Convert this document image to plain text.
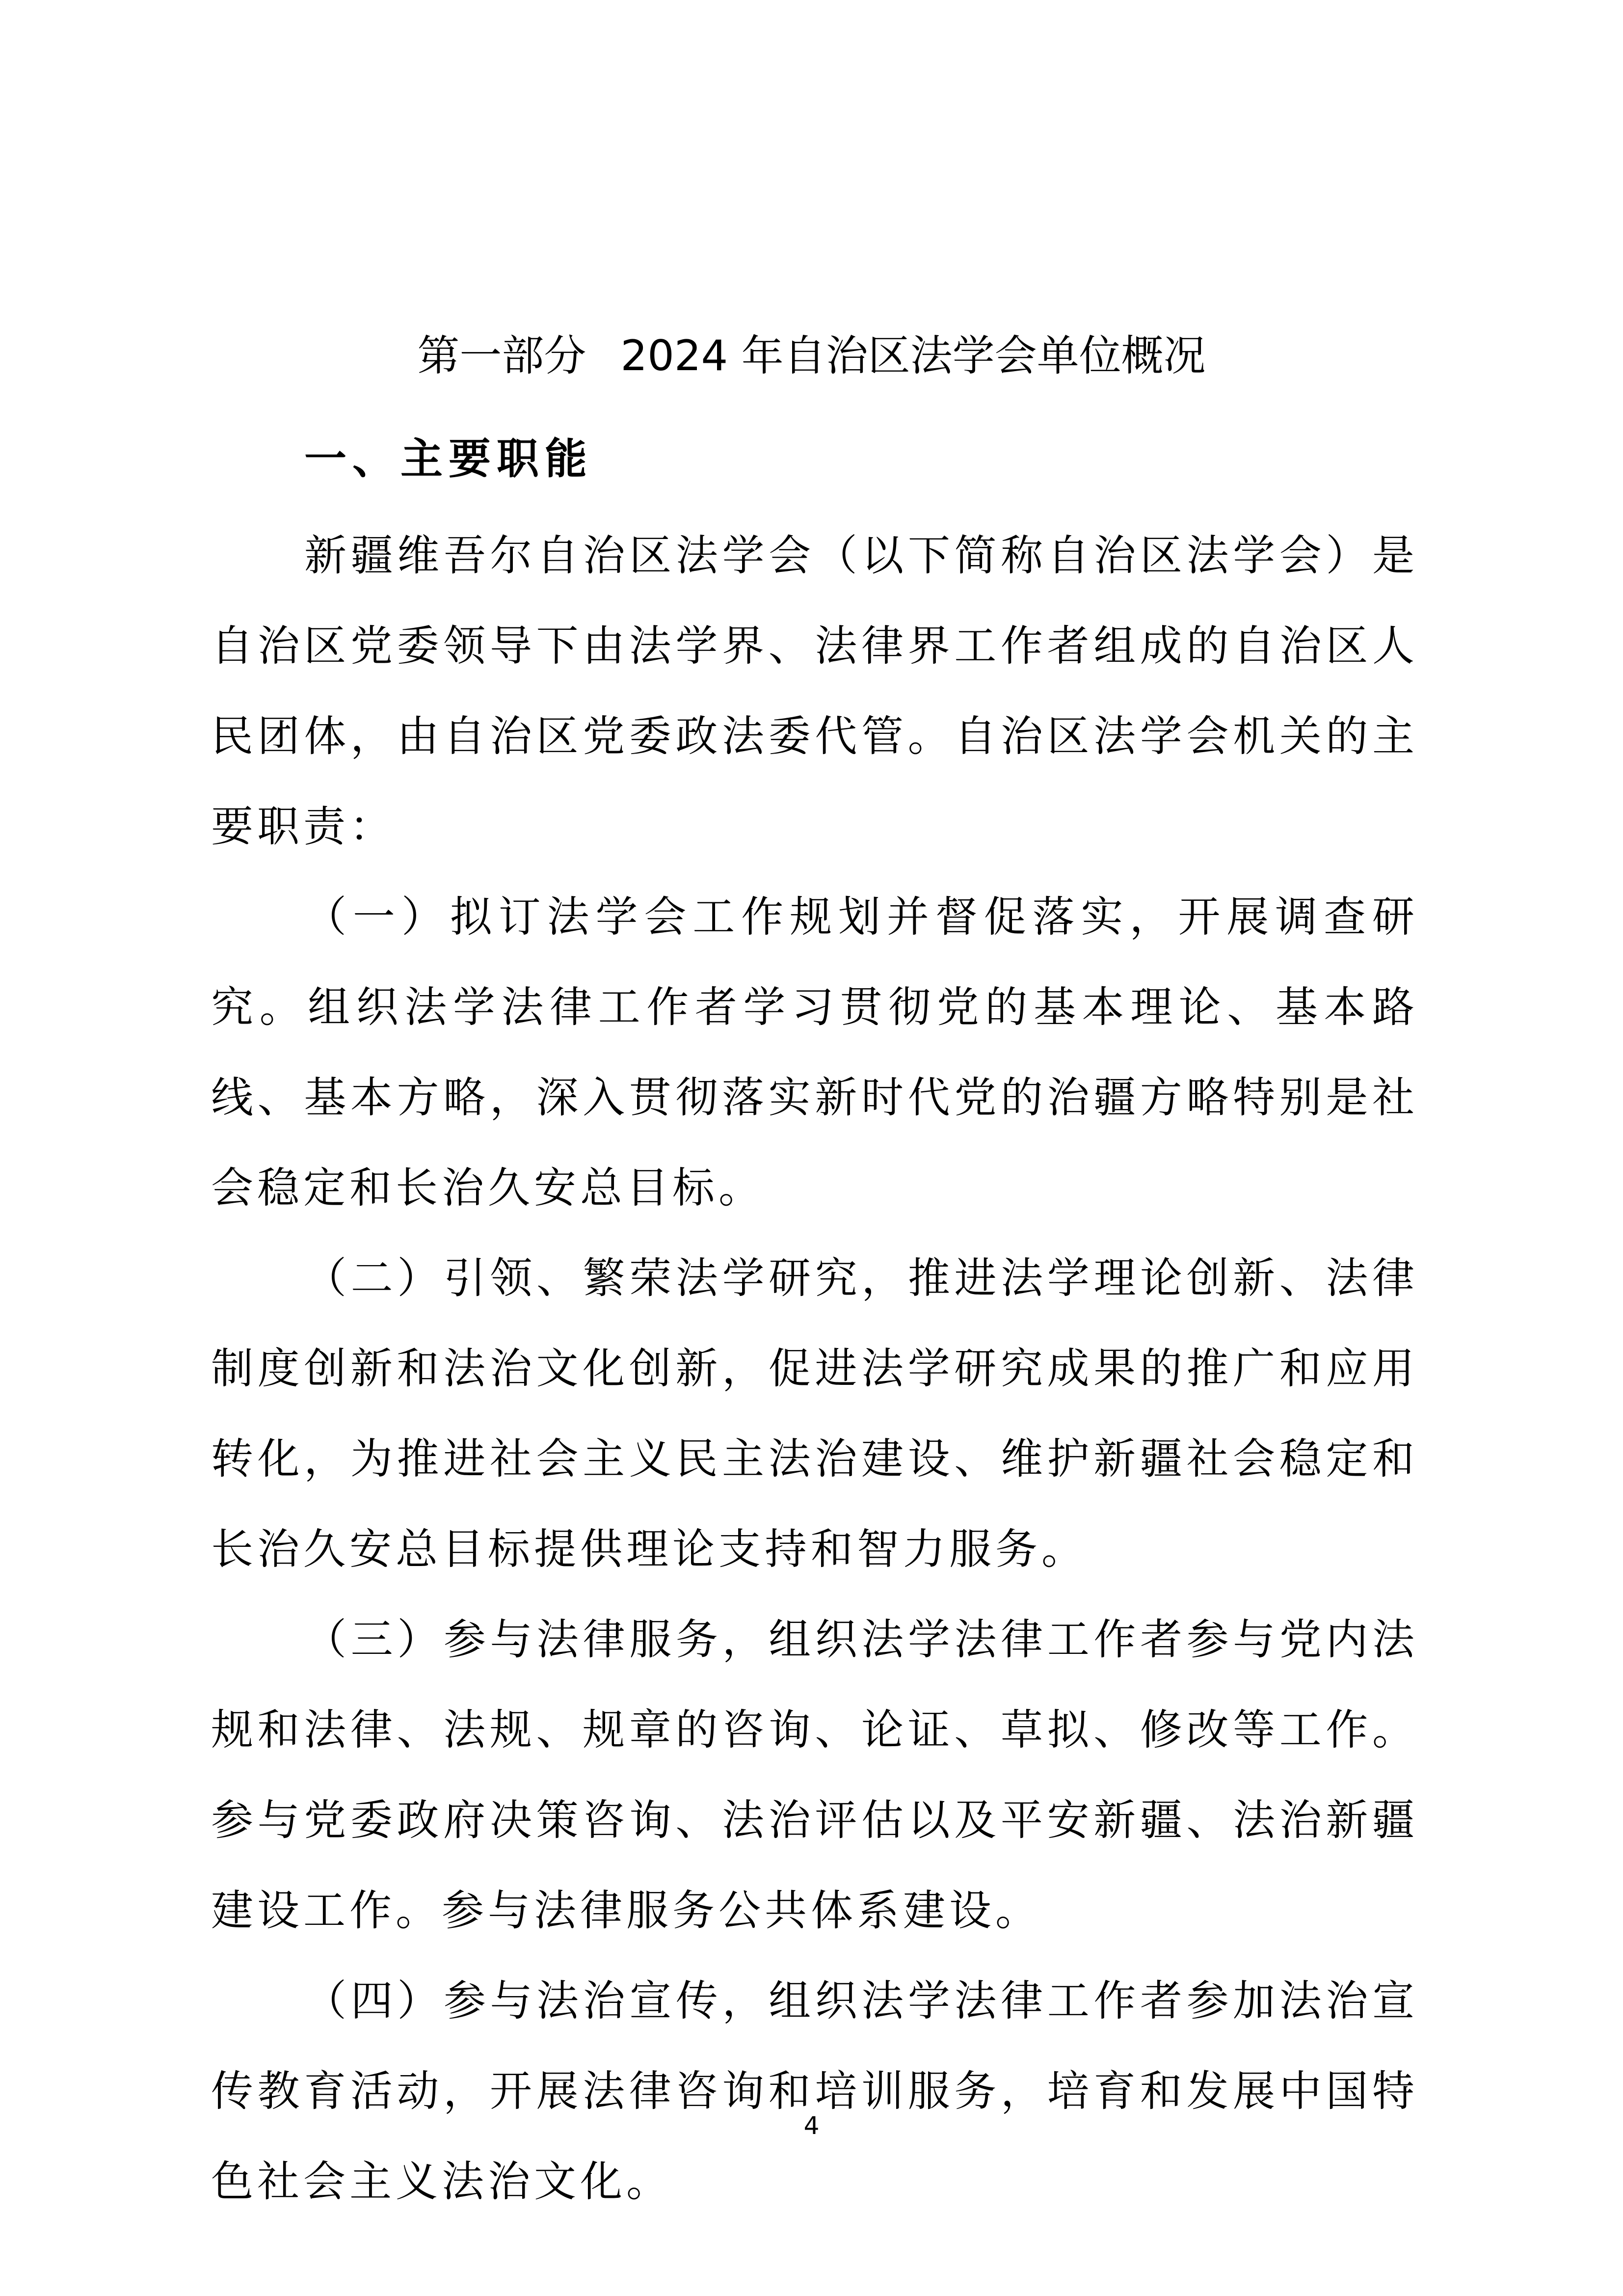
第一部分 2024 年自治区法学会单位概况
一、主要职能

新疆维吾尔自治区法学会（以下简称自治区法学会）是自治区党委领导下由法学界、法律界工作者组成的自治区人民团体，由自治区党委政法委代管。自治区法学会机关的主要职责：

（一）拟订法学会工作规划并督促落实，开展调查研究。组织法学法律工作者学习贯彻党的基本理论、基本路线、基本方略，深入贯彻落实新时代党的治疆方略特别是社会稳定和长治久安总目标。

（二）引领、繁荣法学研究，推进法学理论创新、法律制度创新和法治文化创新，促进法学研究成果的推广和应用转化，为推进社会主义民主法治建设、维护新疆社会稳定和长治久安总目标提供理论支持和智力服务。

（三）参与法律服务，组织法学法律工作者参与党内法规和法律、法规、规章的咨询、论证、草拟、修改等工作。参与党委政府决策咨询、法治评估以及平安新疆、法治新疆建设工作。参与法律服务公共体系建设。

（四）参与法治宣传，组织法学法律工作者参加法治宣传教育活动，开展法律咨询和培训服务，培育和发展中国特色社会主义法治文化。

4
